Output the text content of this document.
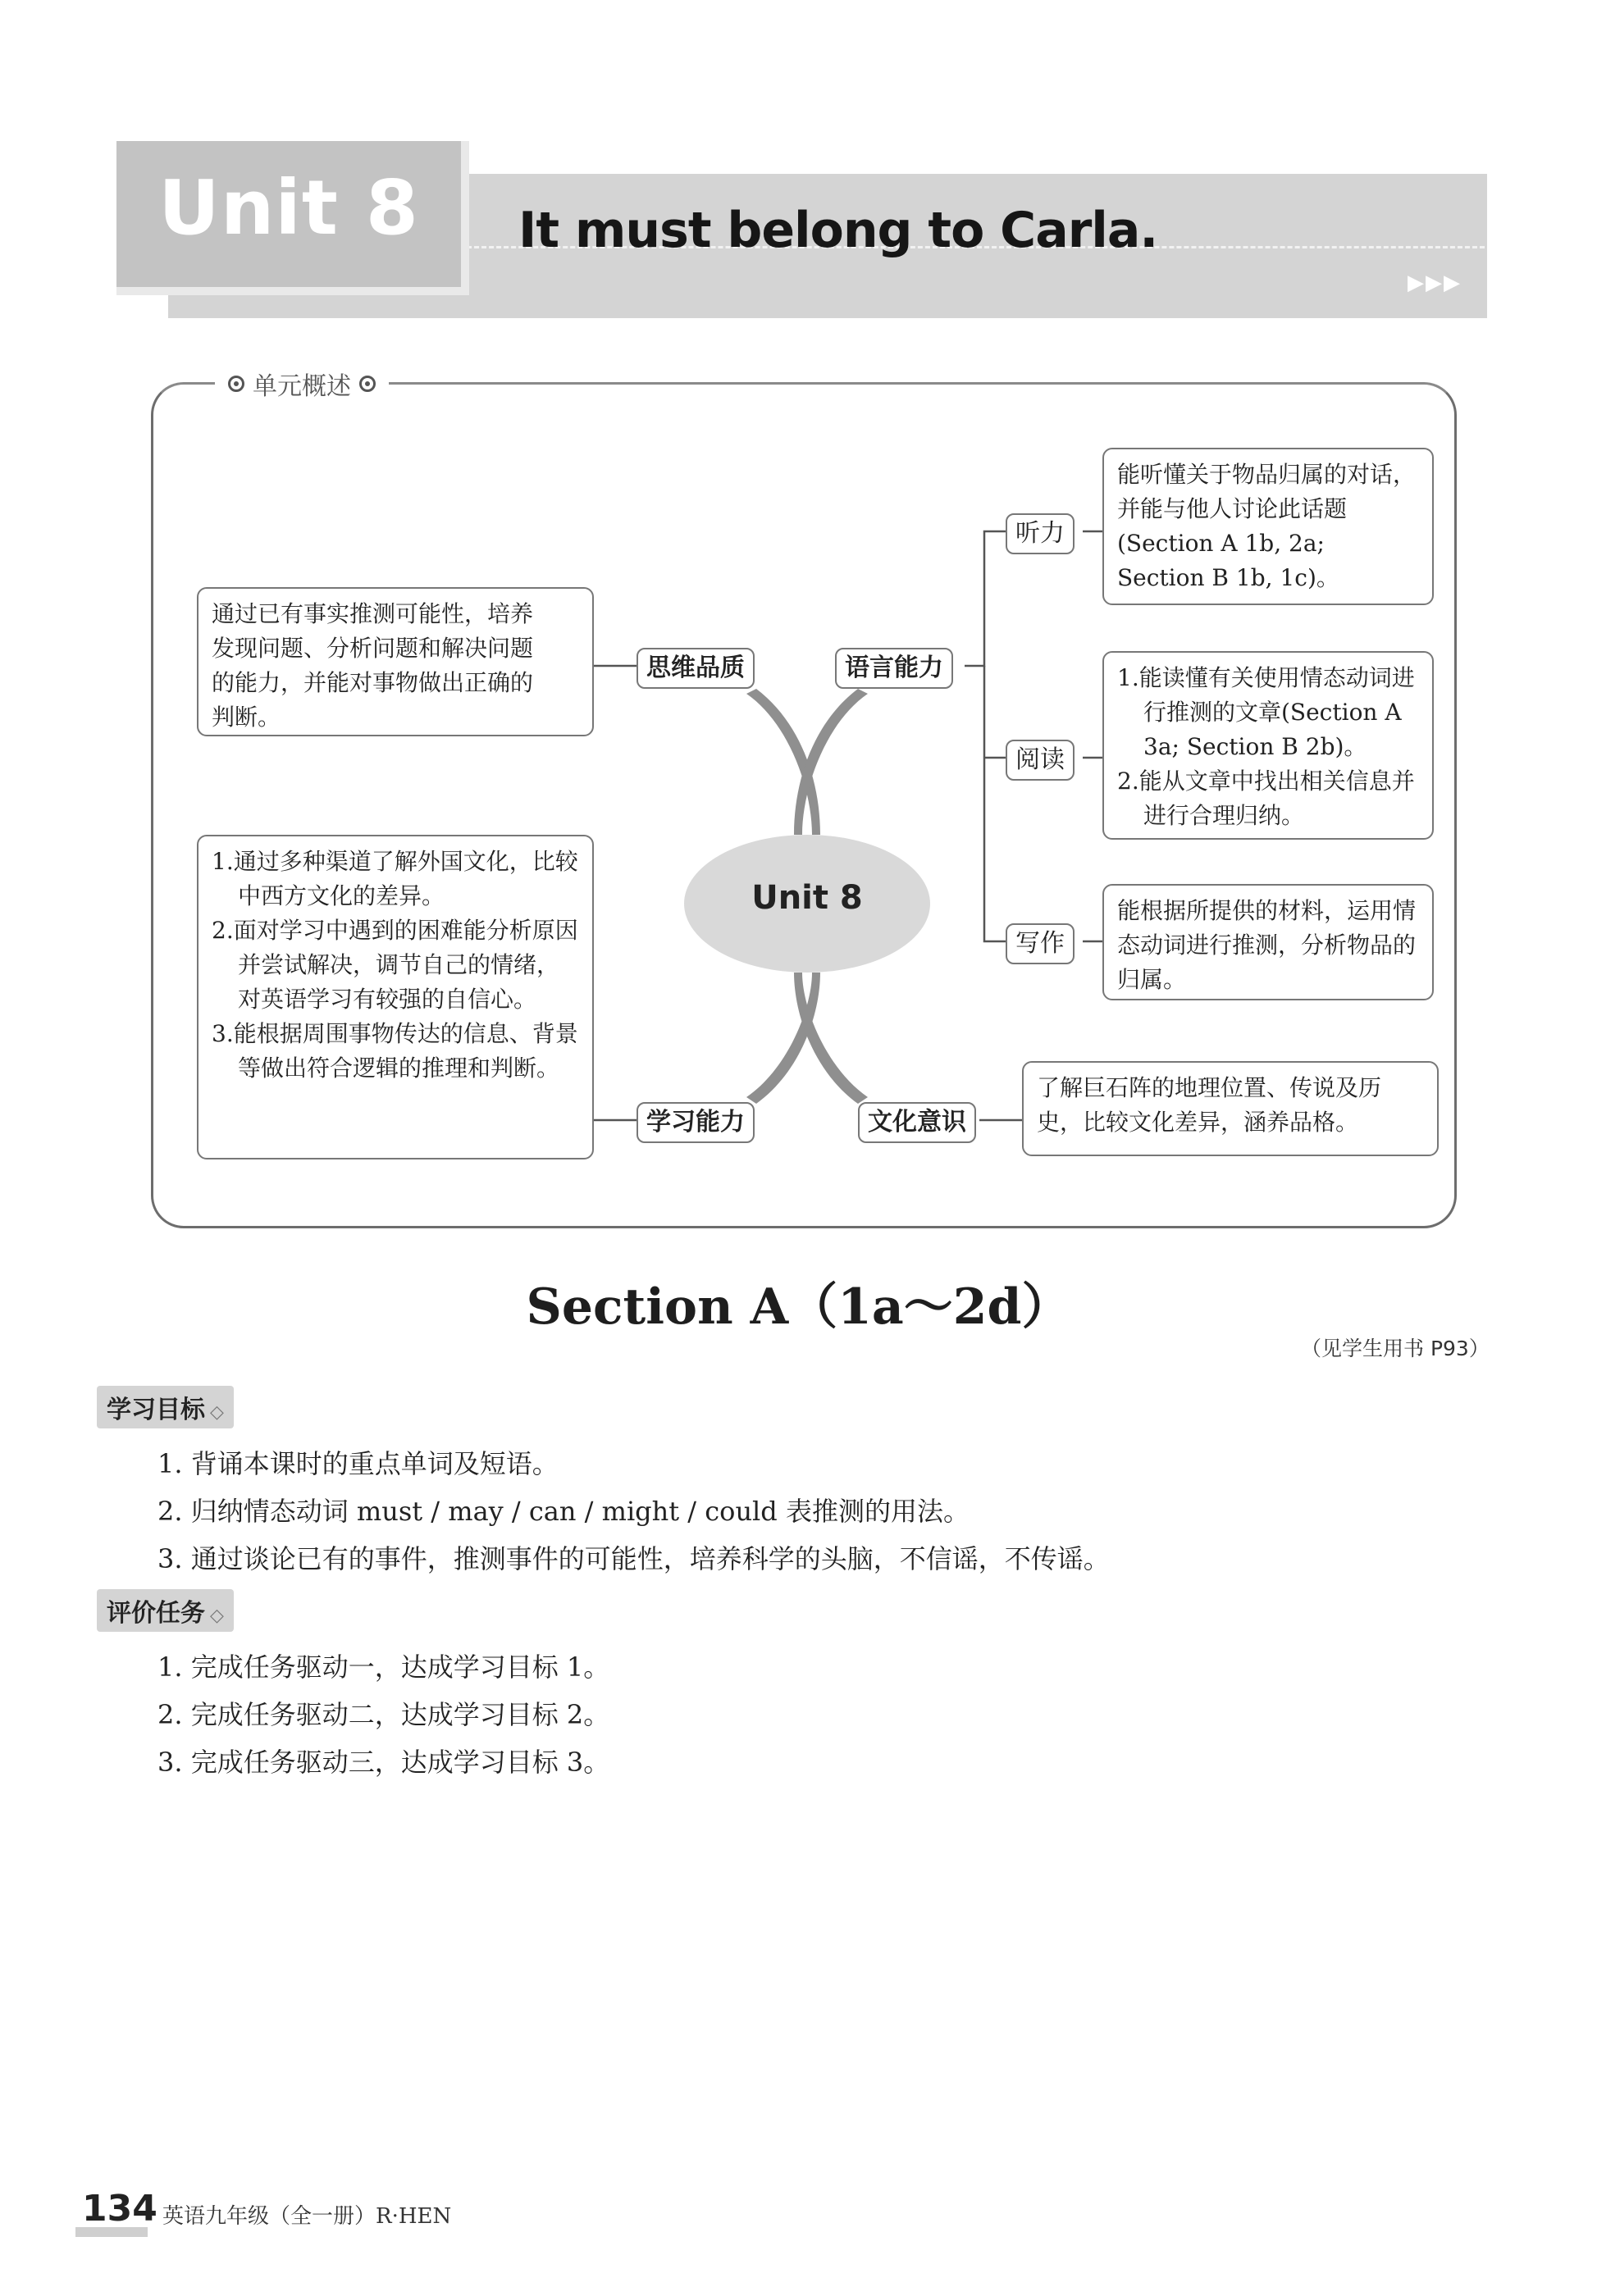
Unit 8	It must belong to Carla.
▶▶▶
单元概述
Unit 8
思维品质	语言能力
学习能力	文化意识
听力
阅读
写作

通过已有事实推测可能性，培养

发现问题、分析问题和解决问题

的能力，并能对事物做出正确的

判断。

1.通过多种渠道了解外国文化，比较中西方文化的差异。

2.面对学习中遇到的困难能分析原因并尝试解决，调节自己的情绪，对英语学习有较强的自信心。

3.能根据周围事物传达的信息、背景等做出符合逻辑的推理和判断。

能听懂关于物品归属的对话，并能与他人讨论此话题(Section A 1b, 2a; Section B 1b, 1c)。

1.能读懂有关使用情态动词进行推测的文章(Section A 3a; Section B 2b)。

2.能从文章中找出相关信息并进行合理归纳。

能根据所提供的材料，运用情态动词进行推测，分析物品的归属。

了解巨石阵的地理位置、传说及历史，比较文化差异，涵养品格。

Section A（1a～2d）
（见学生用书 P93）
学习目标 ◇
1. 背诵本课时的重点单词及短语。
2. 归纳情态动词 must / may / can / might / could 表推测的用法。
3. 通过谈论已有的事件，推测事件的可能性，培养科学的头脑，不信谣，不传谣。
评价任务 ◇
1. 完成任务驱动一，达成学习目标 1。
2. 完成任务驱动二，达成学习目标 2。
3. 完成任务驱动三，达成学习目标 3。
134 英语九年级（全一册）R·HEN
